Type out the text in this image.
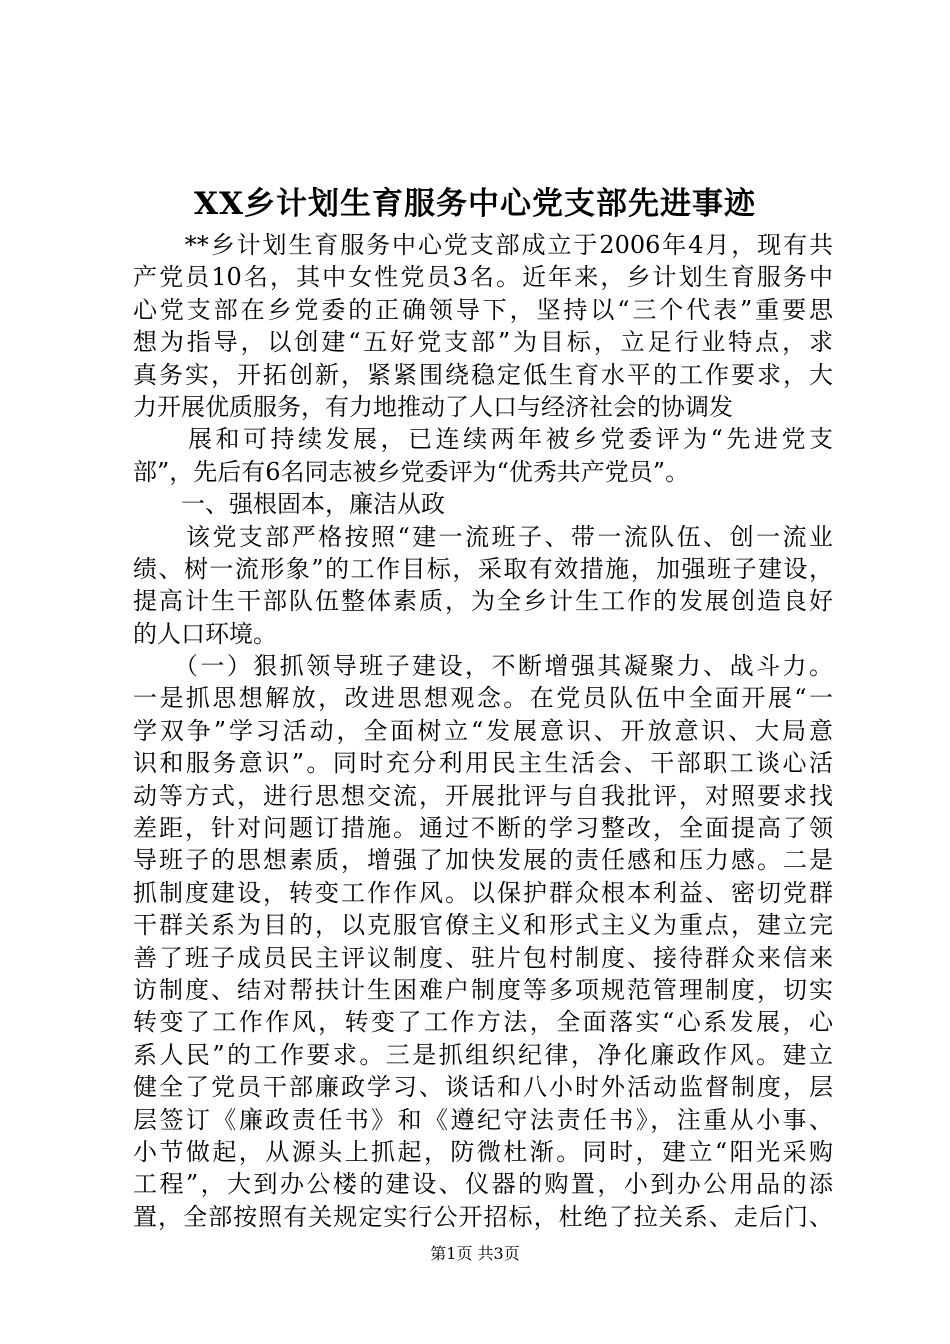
XX乡计划生育服务中心党支部先进事迹
　　**乡计划生育服务中心党支部成立于2006年4月，现有共
产党员10名，其中女性党员3名。近年来，乡计划生育服务中
心党支部在乡党委的正确领导下，坚持以“三个代表”重要思
想为指导，以创建“五好党支部”为目标，立足行业特点，求
真务实，开拓创新，紧紧围绕稳定低生育水平的工作要求，大
力开展优质服务，有力地推动了人口与经济社会的协调发
　　展和可持续发展，已连续两年被乡党委评为“先进党支
部”，先后有6名同志被乡党委评为“优秀共产党员”。
　　一、强根固本，廉洁从政
　　该党支部严格按照“建一流班子、带一流队伍、创一流业
绩、树一流形象”的工作目标，采取有效措施，加强班子建设，
提高计生干部队伍整体素质，为全乡计生工作的发展创造良好
的人口环境。
　　（一）狠抓领导班子建设，不断增强其凝聚力、战斗力。
一是抓思想解放，改进思想观念。在党员队伍中全面开展“一
学双争”学习活动，全面树立“发展意识、开放意识、大局意
识和服务意识”。同时充分利用民主生活会、干部职工谈心活
动等方式，进行思想交流，开展批评与自我批评，对照要求找
差距，针对问题订措施。通过不断的学习整改，全面提高了领
导班子的思想素质，增强了加快发展的责任感和压力感。二是
抓制度建设，转变工作作风。以保护群众根本利益、密切党群
干群关系为目的，以克服官僚主义和形式主义为重点，建立完
善了班子成员民主评议制度、驻片包村制度、接待群众来信来
访制度、结对帮扶计生困难户制度等多项规范管理制度，切实
转变了工作作风，转变了工作方法，全面落实“心系发展，心
系人民”的工作要求。三是抓组织纪律，净化廉政作风。建立
健全了党员干部廉政学习、谈话和八小时外活动监督制度，层
层签订《廉政责任书》和《遵纪守法责任书》，注重从小事、
小节做起，从源头上抓起，防微杜渐。同时，建立“阳光采购
工程”，大到办公楼的建设、仪器的购置，小到办公用品的添
置，全部按照有关规定实行公开招标，杜绝了拉关系、走后门、
第1页 共3页
